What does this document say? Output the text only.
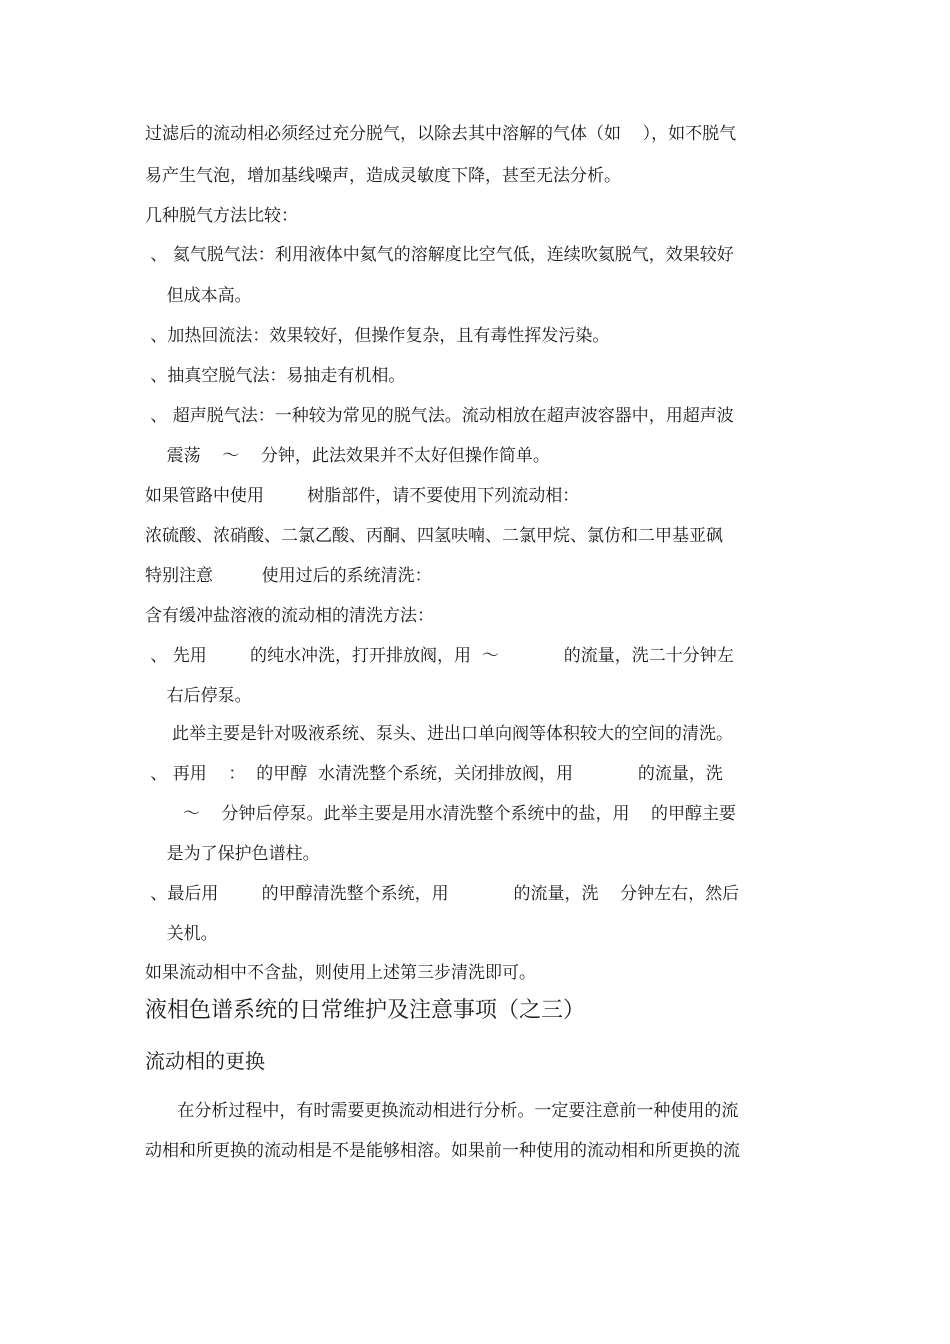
过滤后的流动相必须经过充分脱气，以除去其中溶解的气体（如    ），如不脱气
易产生气泡，增加基线噪声，造成灵敏度下降，甚至无法分析。
几种脱气方法比较：
、 氦气脱气法：利用液体中氦气的溶解度比空气低，连续吹氦脱气，效果较好
但成本高。
、加热回流法：效果较好，但操作复杂，且有毒性挥发污染。
、抽真空脱气法：易抽走有机相。
、 超声脱气法：一种较为常见的脱气法。流动相放在超声波容器中，用超声波
震荡    ～    分钟，此法效果并不太好但操作简单。
如果管路中使用        树脂部件，请不要使用下列流动相：
浓硫酸、浓硝酸、二氯乙酸、丙酮、四氢呋喃、二氯甲烷、氯仿和二甲基亚砜
特别注意         使用过后的系统清洗：
含有缓冲盐溶液的流动相的清洗方法：
、 先用        的纯水冲洗，打开排放阀，用  ～            的流量，洗二十分钟左
右后停泵。
此举主要是针对吸液系统、泵头、进出口单向阀等体积较大的空间的清洗。
、 再用    ：  的甲醇  水清洗整个系统，关闭排放阀，用            的流量，洗
～    分钟后停泵。此举主要是用水清洗整个系统中的盐，用    的甲醇主要
是为了保护色谱柱。
、最后用        的甲醇清洗整个系统，用            的流量，洗    分钟左右，然后
关机。
如果流动相中不含盐，则使用上述第三步清洗即可。
液相色谱系统的日常维护及注意事项（之三）
流动相的更换
在分析过程中，有时需要更换流动相进行分析。一定要注意前一种使用的流
动相和所更换的流动相是不是能够相溶。如果前一种使用的流动相和所更换的流
